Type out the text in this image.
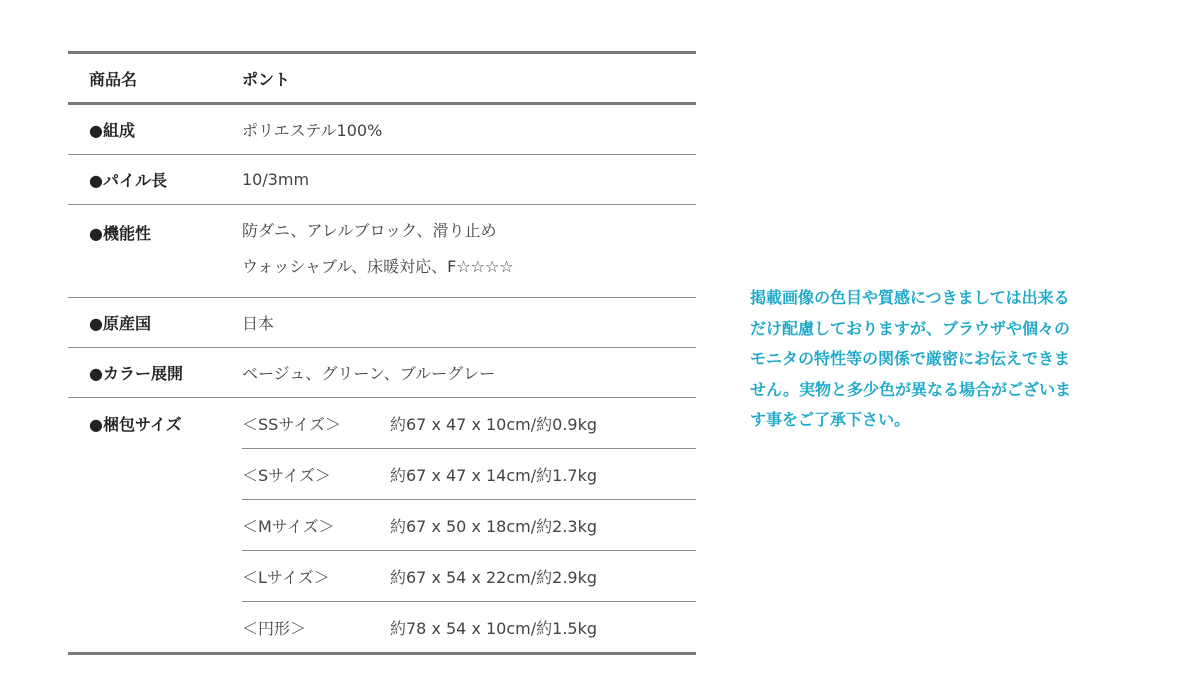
商品名	ポント
●組成	ポリエステル100%
●パイル長	10/3mm
●機能性	防ダニ、アレルブロック、滑り止め
ウォッシャブル、床暖対応、F☆☆☆☆
●原産国	日本
●カラー展開	ベージュ、グリーン、ブルーグレー
●梱包サイズ	＜SSサイズ＞	約67 x 47 x 10cm/約0.9kg
＜Sサイズ＞	約67 x 47 x 14cm/約1.7kg
＜Mサイズ＞	約67 x 50 x 18cm/約2.3kg
＜Lサイズ＞	約67 x 54 x 22cm/約2.9kg
＜円形＞	約78 x 54 x 10cm/約1.5kg
掲載画像の色目や質感につきましては出来る
だけ配慮しておりますが、ブラウザや個々の
モニタの特性等の関係で厳密にお伝えできま
せん。実物と多少色が異なる場合がございま
す事をご了承下さい。
